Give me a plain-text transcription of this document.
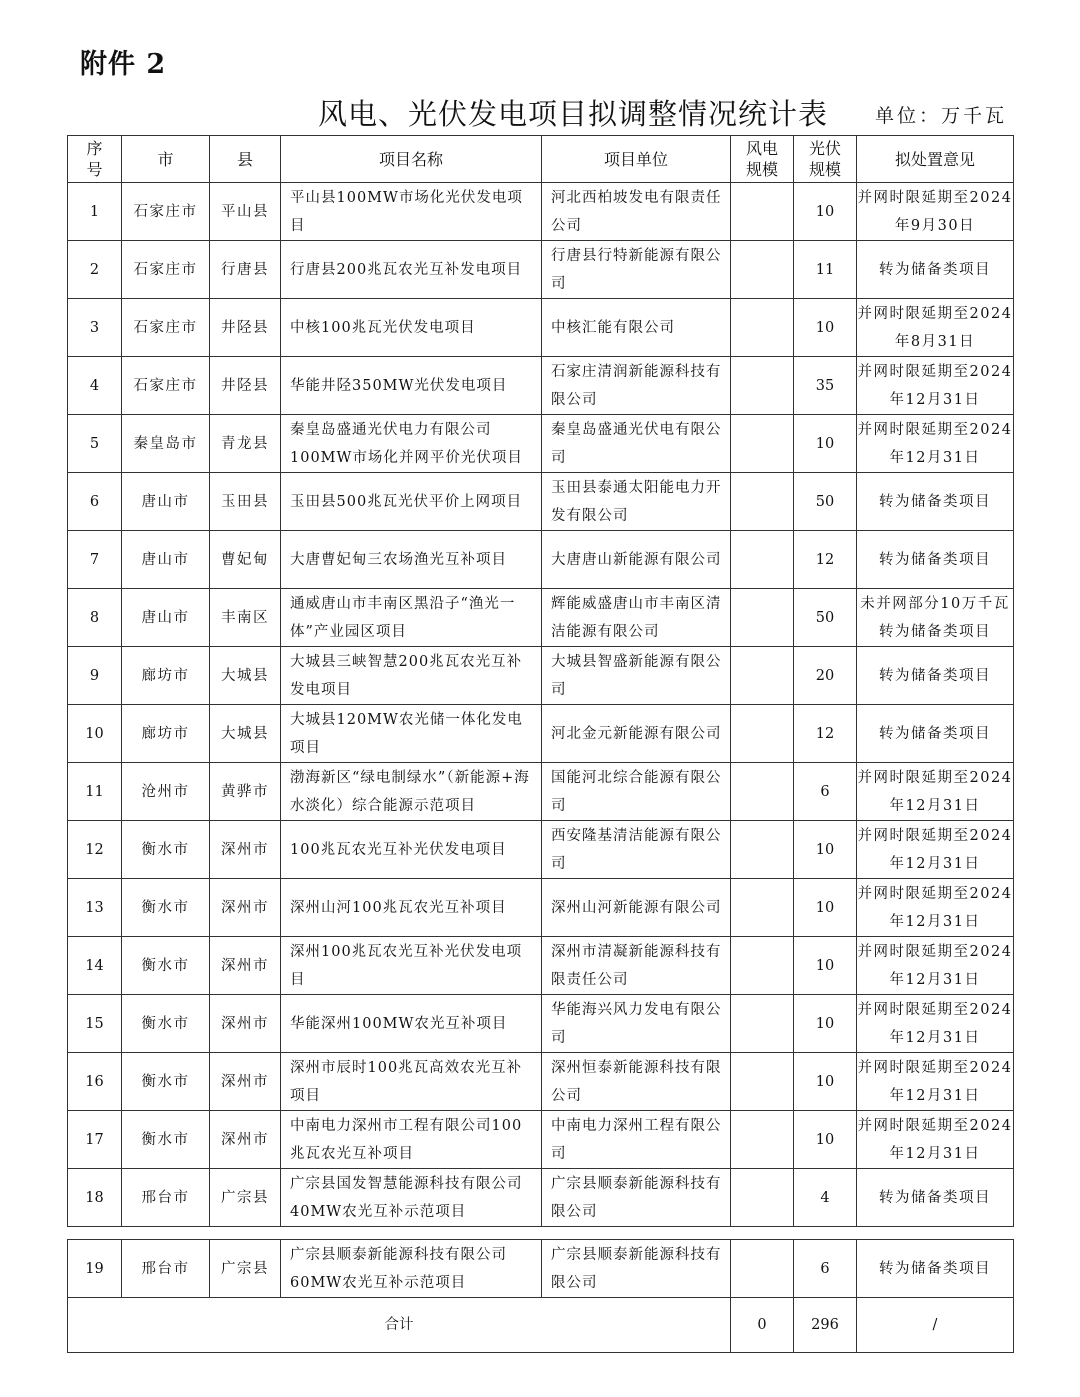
附件 2
风电、光伏发电项目拟调整情况统计表 单位：万千瓦
序号	市	县	项目名称	项目单位	风电规模	光伏规模	拟处置意见
1	石家庄市	平山县	平山县100MW市场化光伏发电项目	河北西柏坡发电有限责任公司		10	并网时限延期至2024年9月30日
2	石家庄市	行唐县	行唐县200兆瓦农光互补发电项目	行唐县行特新能源有限公司		11	转为储备类项目
3	石家庄市	井陉县	中核100兆瓦光伏发电项目	中核汇能有限公司		10	并网时限延期至2024年8月31日
4	石家庄市	井陉县	华能井陉350MW光伏发电项目	石家庄清润新能源科技有限公司		35	并网时限延期至2024年12月31日
5	秦皇岛市	青龙县	秦皇岛盛通光伏电力有限公司100MW市场化并网平价光伏项目	秦皇岛盛通光伏电有限公司		10	并网时限延期至2024年12月31日
6	唐山市	玉田县	玉田县500兆瓦光伏平价上网项目	玉田县泰通太阳能电力开发有限公司		50	转为储备类项目
7	唐山市	曹妃甸	大唐曹妃甸三农场渔光互补项目	大唐唐山新能源有限公司		12	转为储备类项目
8	唐山市	丰南区	通威唐山市丰南区黑沿子“渔光一体”产业园区项目	辉能威盛唐山市丰南区清洁能源有限公司		50	未并网部分10万千瓦转为储备类项目
9	廊坊市	大城县	大城县三峡智慧200兆瓦农光互补发电项目	大城县智盛新能源有限公司		20	转为储备类项目
10	廊坊市	大城县	大城县120MW农光储一体化发电项目	河北金元新能源有限公司		12	转为储备类项目
11	沧州市	黄骅市	渤海新区“绿电制绿水”（新能源+海水淡化）综合能源示范项目	国能河北综合能源有限公司		6	并网时限延期至2024年12月31日
12	衡水市	深州市	100兆瓦农光互补光伏发电项目	西安隆基清洁能源有限公司		10	并网时限延期至2024年12月31日
13	衡水市	深州市	深州山河100兆瓦农光互补项目	深州山河新能源有限公司		10	并网时限延期至2024年12月31日
14	衡水市	深州市	深州100兆瓦农光互补光伏发电项目	深州市清凝新能源科技有限责任公司		10	并网时限延期至2024年12月31日
15	衡水市	深州市	华能深州100MW农光互补项目	华能海兴风力发电有限公司		10	并网时限延期至2024年12月31日
16	衡水市	深州市	深州市辰时100兆瓦高效农光互补项目	深州恒泰新能源科技有限公司		10	并网时限延期至2024年12月31日
17	衡水市	深州市	中南电力深州市工程有限公司100兆瓦农光互补项目	中南电力深州工程有限公司		10	并网时限延期至2024年12月31日
18	邢台市	广宗县	广宗县国发智慧能源科技有限公司40MW农光互补示范项目	广宗县顺泰新能源科技有限公司		4	转为储备类项目
19	邢台市	广宗县	广宗县顺泰新能源科技有限公司60MW农光互补示范项目	广宗县顺泰新能源科技有限公司		6	转为储备类项目
合计					0	296	/
